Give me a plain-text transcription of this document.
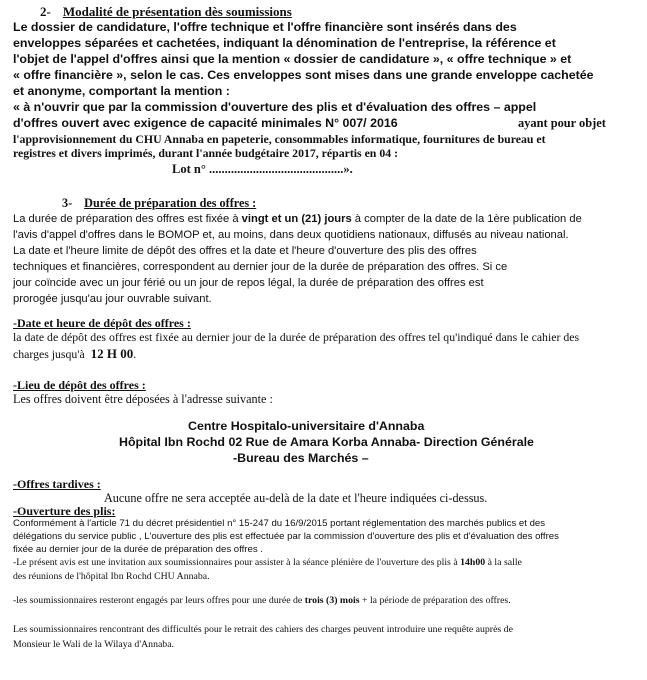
2- Modalité de présentation dès soumissions

Le dossier de candidature, l'offre technique et l'offre financière sont insérés dans des

enveloppes séparées et cachetées, indiquant la dénomination de l'entreprise, la référence et

l'objet de l'appel d'offres ainsi que la mention « dossier de candidature », « offre technique » et

« offre financière », selon le cas. Ces enveloppes sont mises dans une grande enveloppe cachetée

et anonyme, comportant la mention :

« à n'ouvrir que par la commission d'ouverture des plis et d'évaluation des offres – appel

d'offres ouvert avec exigence de capacité minimales N° 007/ 2016	ayant pour objet

l'approvisionnement du CHU Annaba en papeterie, consommables informatique, fournitures de bureau et

registres et divers imprimés, durant l'année budgétaire 2017, répartis en 04 :

Lot n° ...........................................».

3- Durée de préparation des offres :

La durée de préparation des offres est fixée à vingt et un (21) jours à compter de la date de la 1ère publication de

l'avis d'appel d'offres dans le BOMOP et, au moins, dans deux quotidiens nationaux, diffusés au niveau national.

La date et l'heure limite de dépôt des offres et la date et l'heure d'ouverture des plis des offres

techniques et financières, correspondent au dernier jour de la durée de préparation des offres. Si ce

jour coïncide avec un jour férié ou un jour de repos légal, la durée de préparation des offres est

prorogée jusqu'au jour ouvrable suivant.

-Date et heure de dépôt des offres :

la date de dépôt des offres est fixée au dernier jour de la durée de préparation des offres tel qu'indiqué dans le cahier des

charges jusqu'à 12 H 00.

-Lieu de dépôt des offres :

Les offres doivent être déposées à l'adresse suivante :

Centre Hospitalo-universitaire d'Annaba

Hôpital Ibn Rochd 02 Rue de Amara Korba Annaba- Direction Générale

-Bureau des Marchés –

-Offres tardives :

Aucune offre ne sera acceptée au-delà de la date et l'heure indiquées ci-dessus.

-Ouverture des plis:

Conformément à l'article 71 du décret présidentiel n° 15-247 du 16/9/2015 portant réglementation des marchés publics et des

délégations du service public , L'ouverture des plis est effectuée par la commission d'ouverture des plis et d'évaluation des offres

fixée au dernier jour de la durée de préparation des offres .

-Le présent avis est une invitation aux soumissionnaires pour assister à la séance plénière de l'ouverture des plis à 14h00 à la salle

des réunions de l'hôpital Ibn Rochd CHU Annaba.

-les soumissionnaires resteront engagés par leurs offres pour une durée de trois (3) mois + la période de préparation des offres.

Les soumissionnaires rencontrant des difficultés pour le retrait des cahiers des charges peuvent introduire une requête auprès de

Monsieur le Wali de la Wilaya d'Annaba.
